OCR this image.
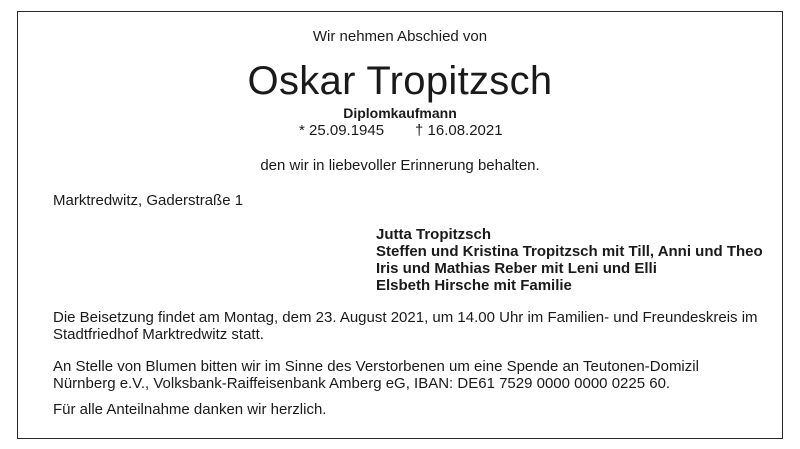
Wir nehmen Abschied von
Oskar Tropitzsch
Diplomkaufmann
* 25.09.1945 † 16.08.2021
den wir in liebevoller Erinnerung behalten.
Marktredwitz, Gaderstraße 1
Jutta Tropitzsch
Steffen und Kristina Tropitzsch mit Till, Anni und Theo
Iris und Mathias Reber mit Leni und Elli
Elsbeth Hirsche mit Familie

Die Beisetzung findet am Montag, dem 23. August 2021, um 14.00 Uhr im Familien- und Freundeskreis im
Stadtfriedhof Marktredwitz statt.

An Stelle von Blumen bitten wir im Sinne des Verstorbenen um eine Spende an Teutonen-Domizil
Nürnberg e.V., Volksbank-Raiffeisenbank Amberg eG, IBAN: DE61 7529 0000 0000 0225 60.

Für alle Anteilnahme danken wir herzlich.
